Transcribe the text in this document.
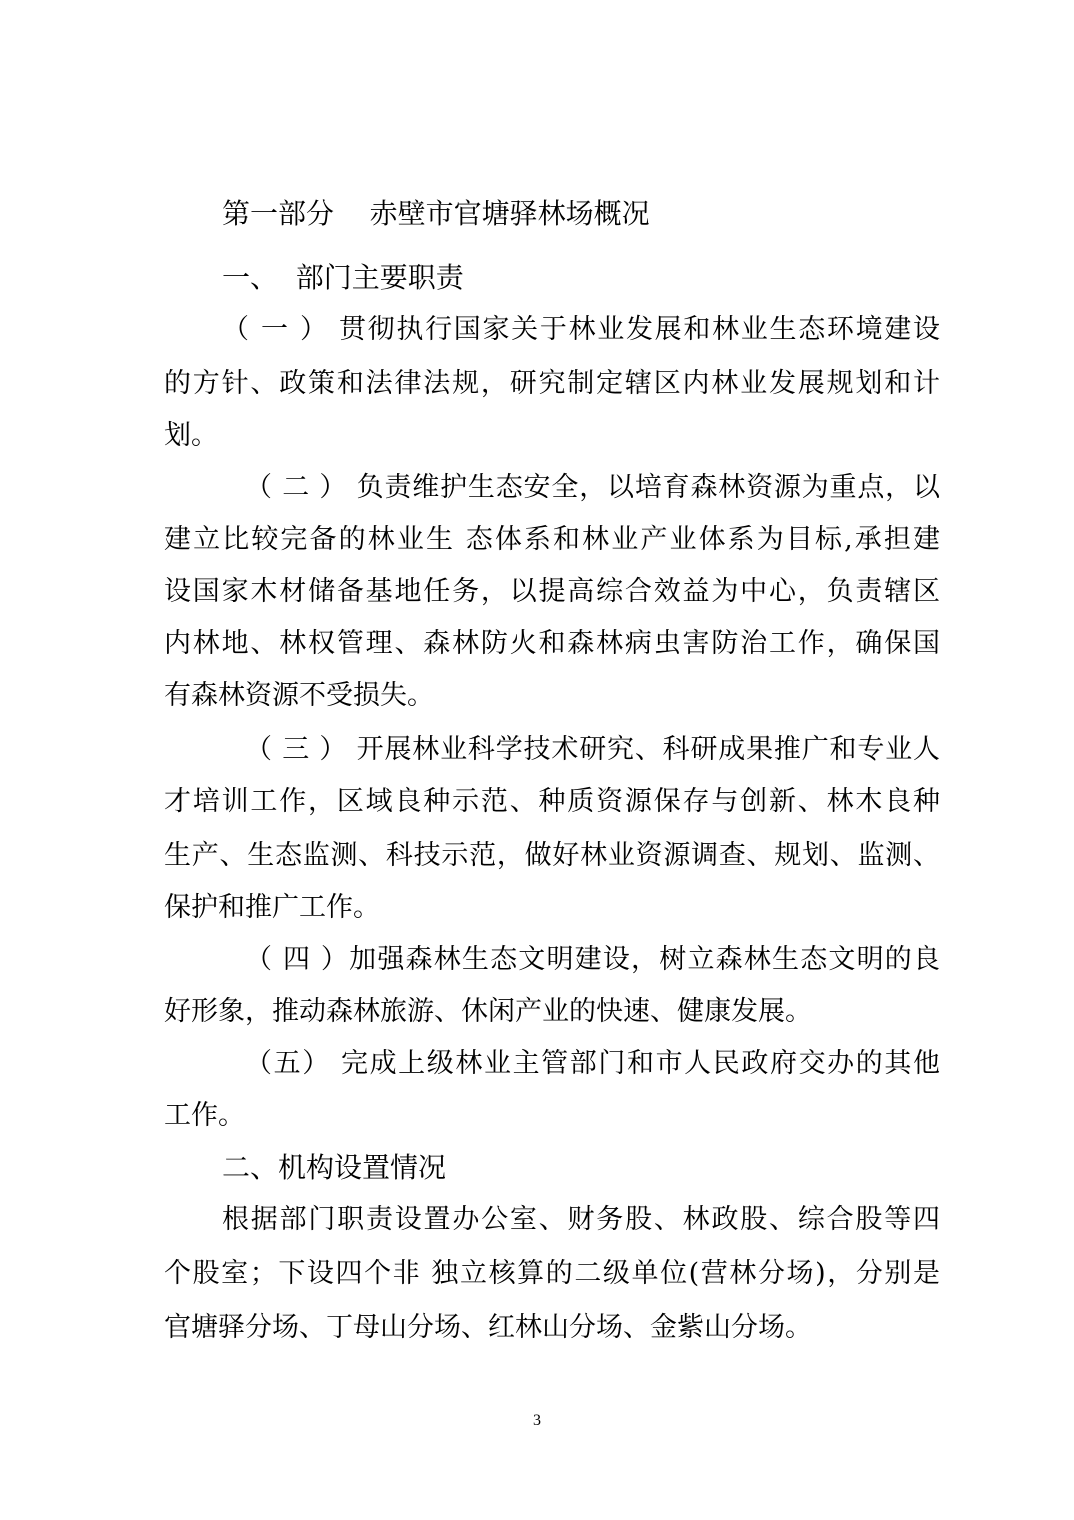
第一部分    赤壁市官塘驿林场概况
一、  部门主要职责
（ 一 ） 贯彻执行国家关于林业发展和林业生态环境建设
的方针、政策和法律法规，研究制定辖区内林业发展规划和计
划。
（ 二 ） 负责维护生态安全，以培育森林资源为重点，以
建立比较完备的林业生 态体系和林业产业体系为目标,承担建
设国家木材储备基地任务，以提高综合效益为中心，负责辖区
内林地、林权管理、森林防火和森林病虫害防治工作，确保国
有森林资源不受损失。
（ 三 ） 开展林业科学技术研究、科研成果推广和专业人
才培训工作，区域良种示范、种质资源保存与创新、林木良种
生产、生态监测、科技示范，做好林业资源调查、规划、监测、
保护和推广工作。
（ 四 ）加强森林生态文明建设，树立森林生态文明的良
好形象，推动森林旅游、休闲产业的快速、健康发展。
（五） 完成上级林业主管部门和市人民政府交办的其他
工作。
二、机构设置情况
根据部门职责设置办公室、财务股、林政股、综合股等四
个股室；下设四个非 独立核算的二级单位(营林分场)，分别是
官塘驿分场、丁母山分场、红林山分场、金紫山分场。
3
